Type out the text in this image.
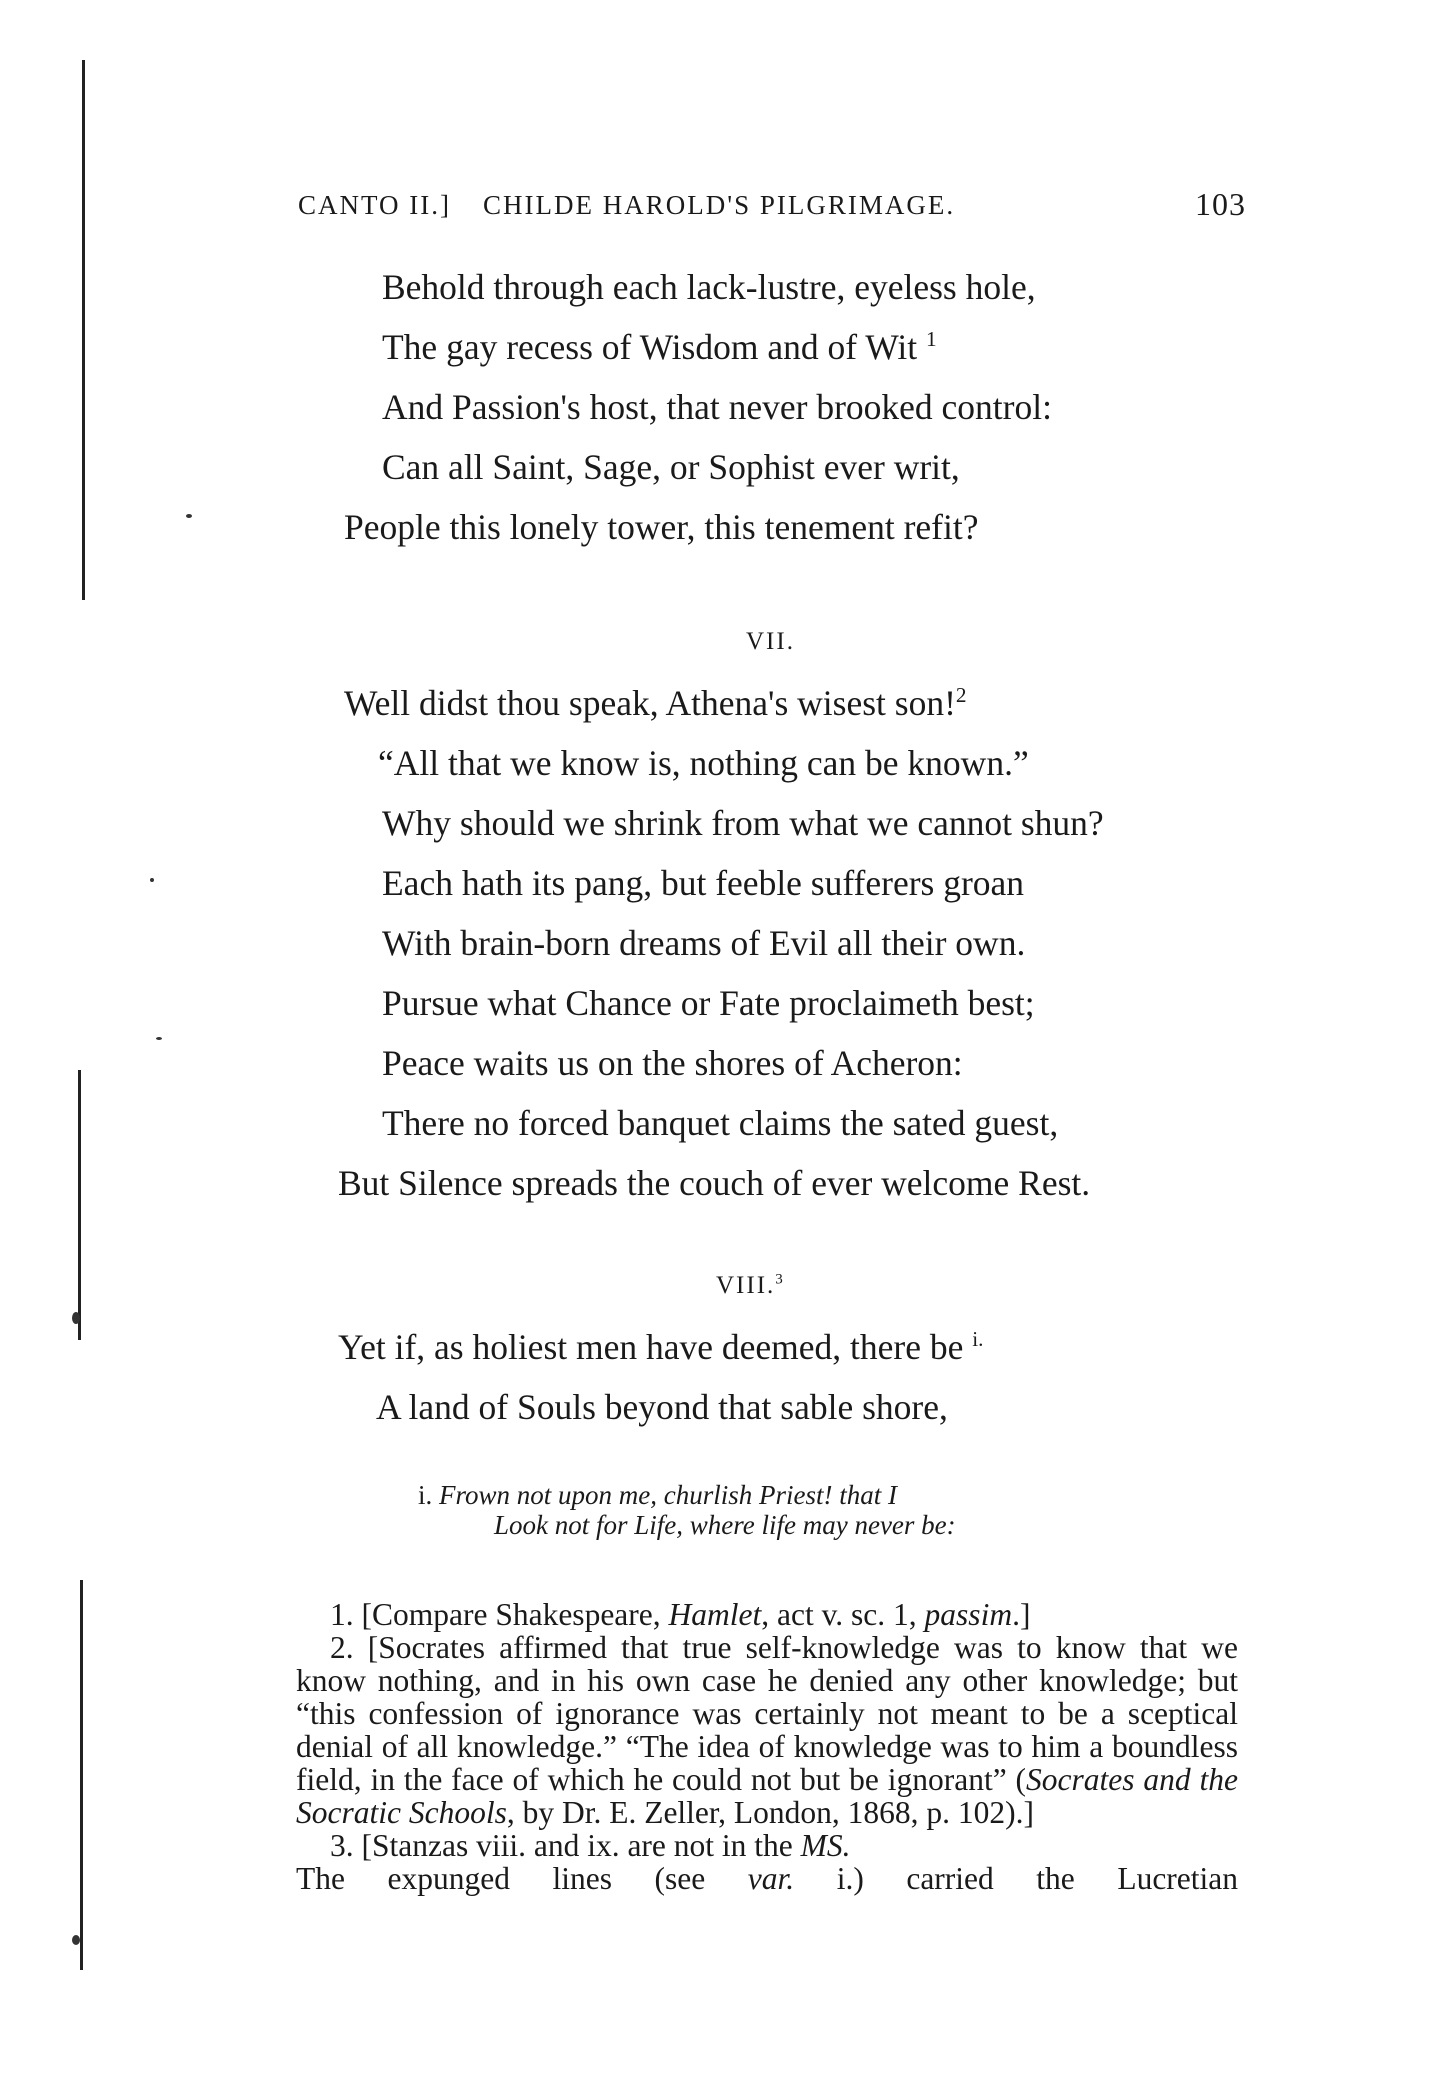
CANTO II.] CHILDE HAROLD'S PILGRIMAGE.	103
Behold through each lack-lustre, eyeless hole,
The gay recess of Wisdom and of Wit $^1$
And Passion's host, that never brooked control:
Can all Saint, Sage, or Sophist ever writ,
People this lonely tower, this tenement refit?
VII.
Well didst thou speak, Athena's wisest son!$^2$
“All that we know is, nothing can be known.”
Why should we shrink from what we cannot shun?
Each hath its pang, but feeble sufferers groan
With brain-born dreams of Evil all their own.
Pursue what Chance or Fate proclaimeth best;
Peace waits us on the shores of Acheron:
There no forced banquet claims the sated guest,
But Silence spreads the couch of ever welcome Rest.
VIII.$^3$
Yet if, as holiest men have deemed, there be $^{i.}$
A land of Souls beyond that sable shore,
i. Frown not upon me, churlish Priest! that I
Look not for Life, where life may never be:

1. [Compare Shakespeare, Hamlet, act v. sc. 1, passim.]

2. [Socrates affirmed that true self-knowledge was to know that we know nothing, and in his own case he denied any other knowledge; but “this confession of ignorance was certainly not meant to be a sceptical denial of all knowledge.” “The idea of knowledge was to him a boundless field, in the face of which he could not but be ignorant” (Socrates and the Socratic Schools, by Dr. E. Zeller, London, 1868, p. 102).]

3. [Stanzas viii. and ix. are not in the MS.

The expunged lines (see var. i.) carried the Lucretian
